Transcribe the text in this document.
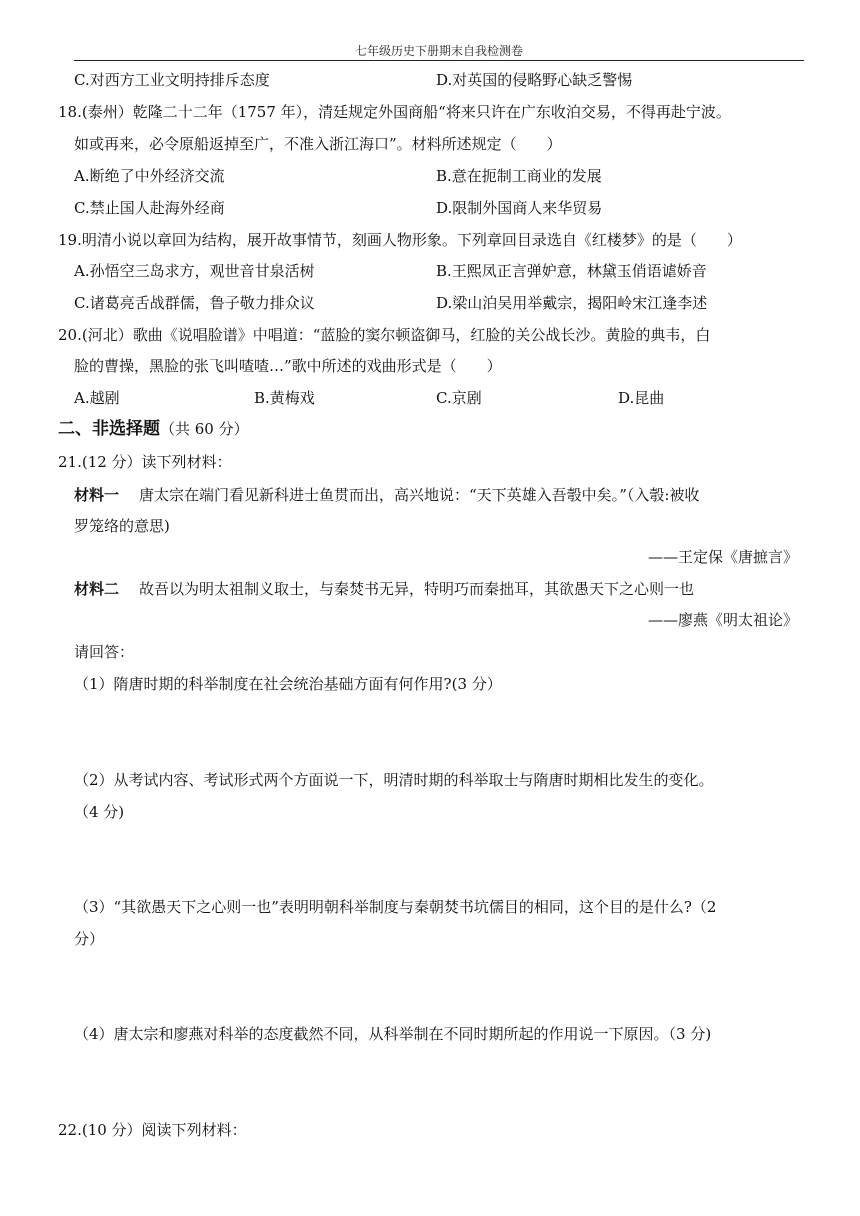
七年级历史下册期末自我检测卷
C.对西方工业文明持排斥态度	D.对英国的侵略野心缺乏警惕
18.(泰州）乾隆二十二年（1757 年），清廷规定外国商船“将来只许在广东收泊交易，不得再赴宁波。
如或再来，必令原船返掉至广，不准入浙江海口”。材料所述规定（　　）
A.断绝了中外经济交流	B.意在扼制工商业的发展
C.禁止国人赴海外经商	D.限制外国商人来华贸易
19.明清小说以章回为结构，展开故事情节，刻画人物形象。下列章回目录选自《红楼梦》的是（　　）
A.孙悟空三岛求方，观世音甘泉活树	B.王熙凤正言弹妒意，林黛玉俏语谑娇音
C.诸葛亮舌战群儒，鲁子敬力排众议	D.梁山泊吴用举戴宗，揭阳岭宋江逢李述
20.(河北）歌曲《说唱脸谱》中唱道：“蓝脸的窦尔顿盗御马，红脸的关公战长沙。黄脸的典韦，白
脸的曹操，黑脸的张飞叫喳喳…”歌中所述的戏曲形式是（　　）
A.越剧	B.黄梅戏	C.京剧	D.昆曲
二、非选择题（共 60 分）
21.(12 分）读下列材料：
材料一 唐太宗在端门看见新科进士鱼贯而出，高兴地说：“天下英雄入吾彀中矣。”（入彀:被收
罗笼络的意思)
——王定保《唐摭言》
材料二 故吾以为明太祖制义取士，与秦焚书无异，特明巧而秦拙耳，其欲愚天下之心则一也
——廖燕《明太祖论》
请回答：
（1）隋唐时期的科举制度在社会统治基础方面有何作用?(3 分）
（2）从考试内容、考试形式两个方面说一下，明清时期的科举取士与隋唐时期相比发生的变化。
（4 分)
（3）“其欲愚天下之心则一也”表明明朝科举制度与秦朝焚书坑儒目的相同，这个目的是什么?（2
分）
（4）唐太宗和廖燕对科举的态度截然不同，从科举制在不同时期所起的作用说一下原因。（3 分)
22.(10 分）阅读下列材料：
